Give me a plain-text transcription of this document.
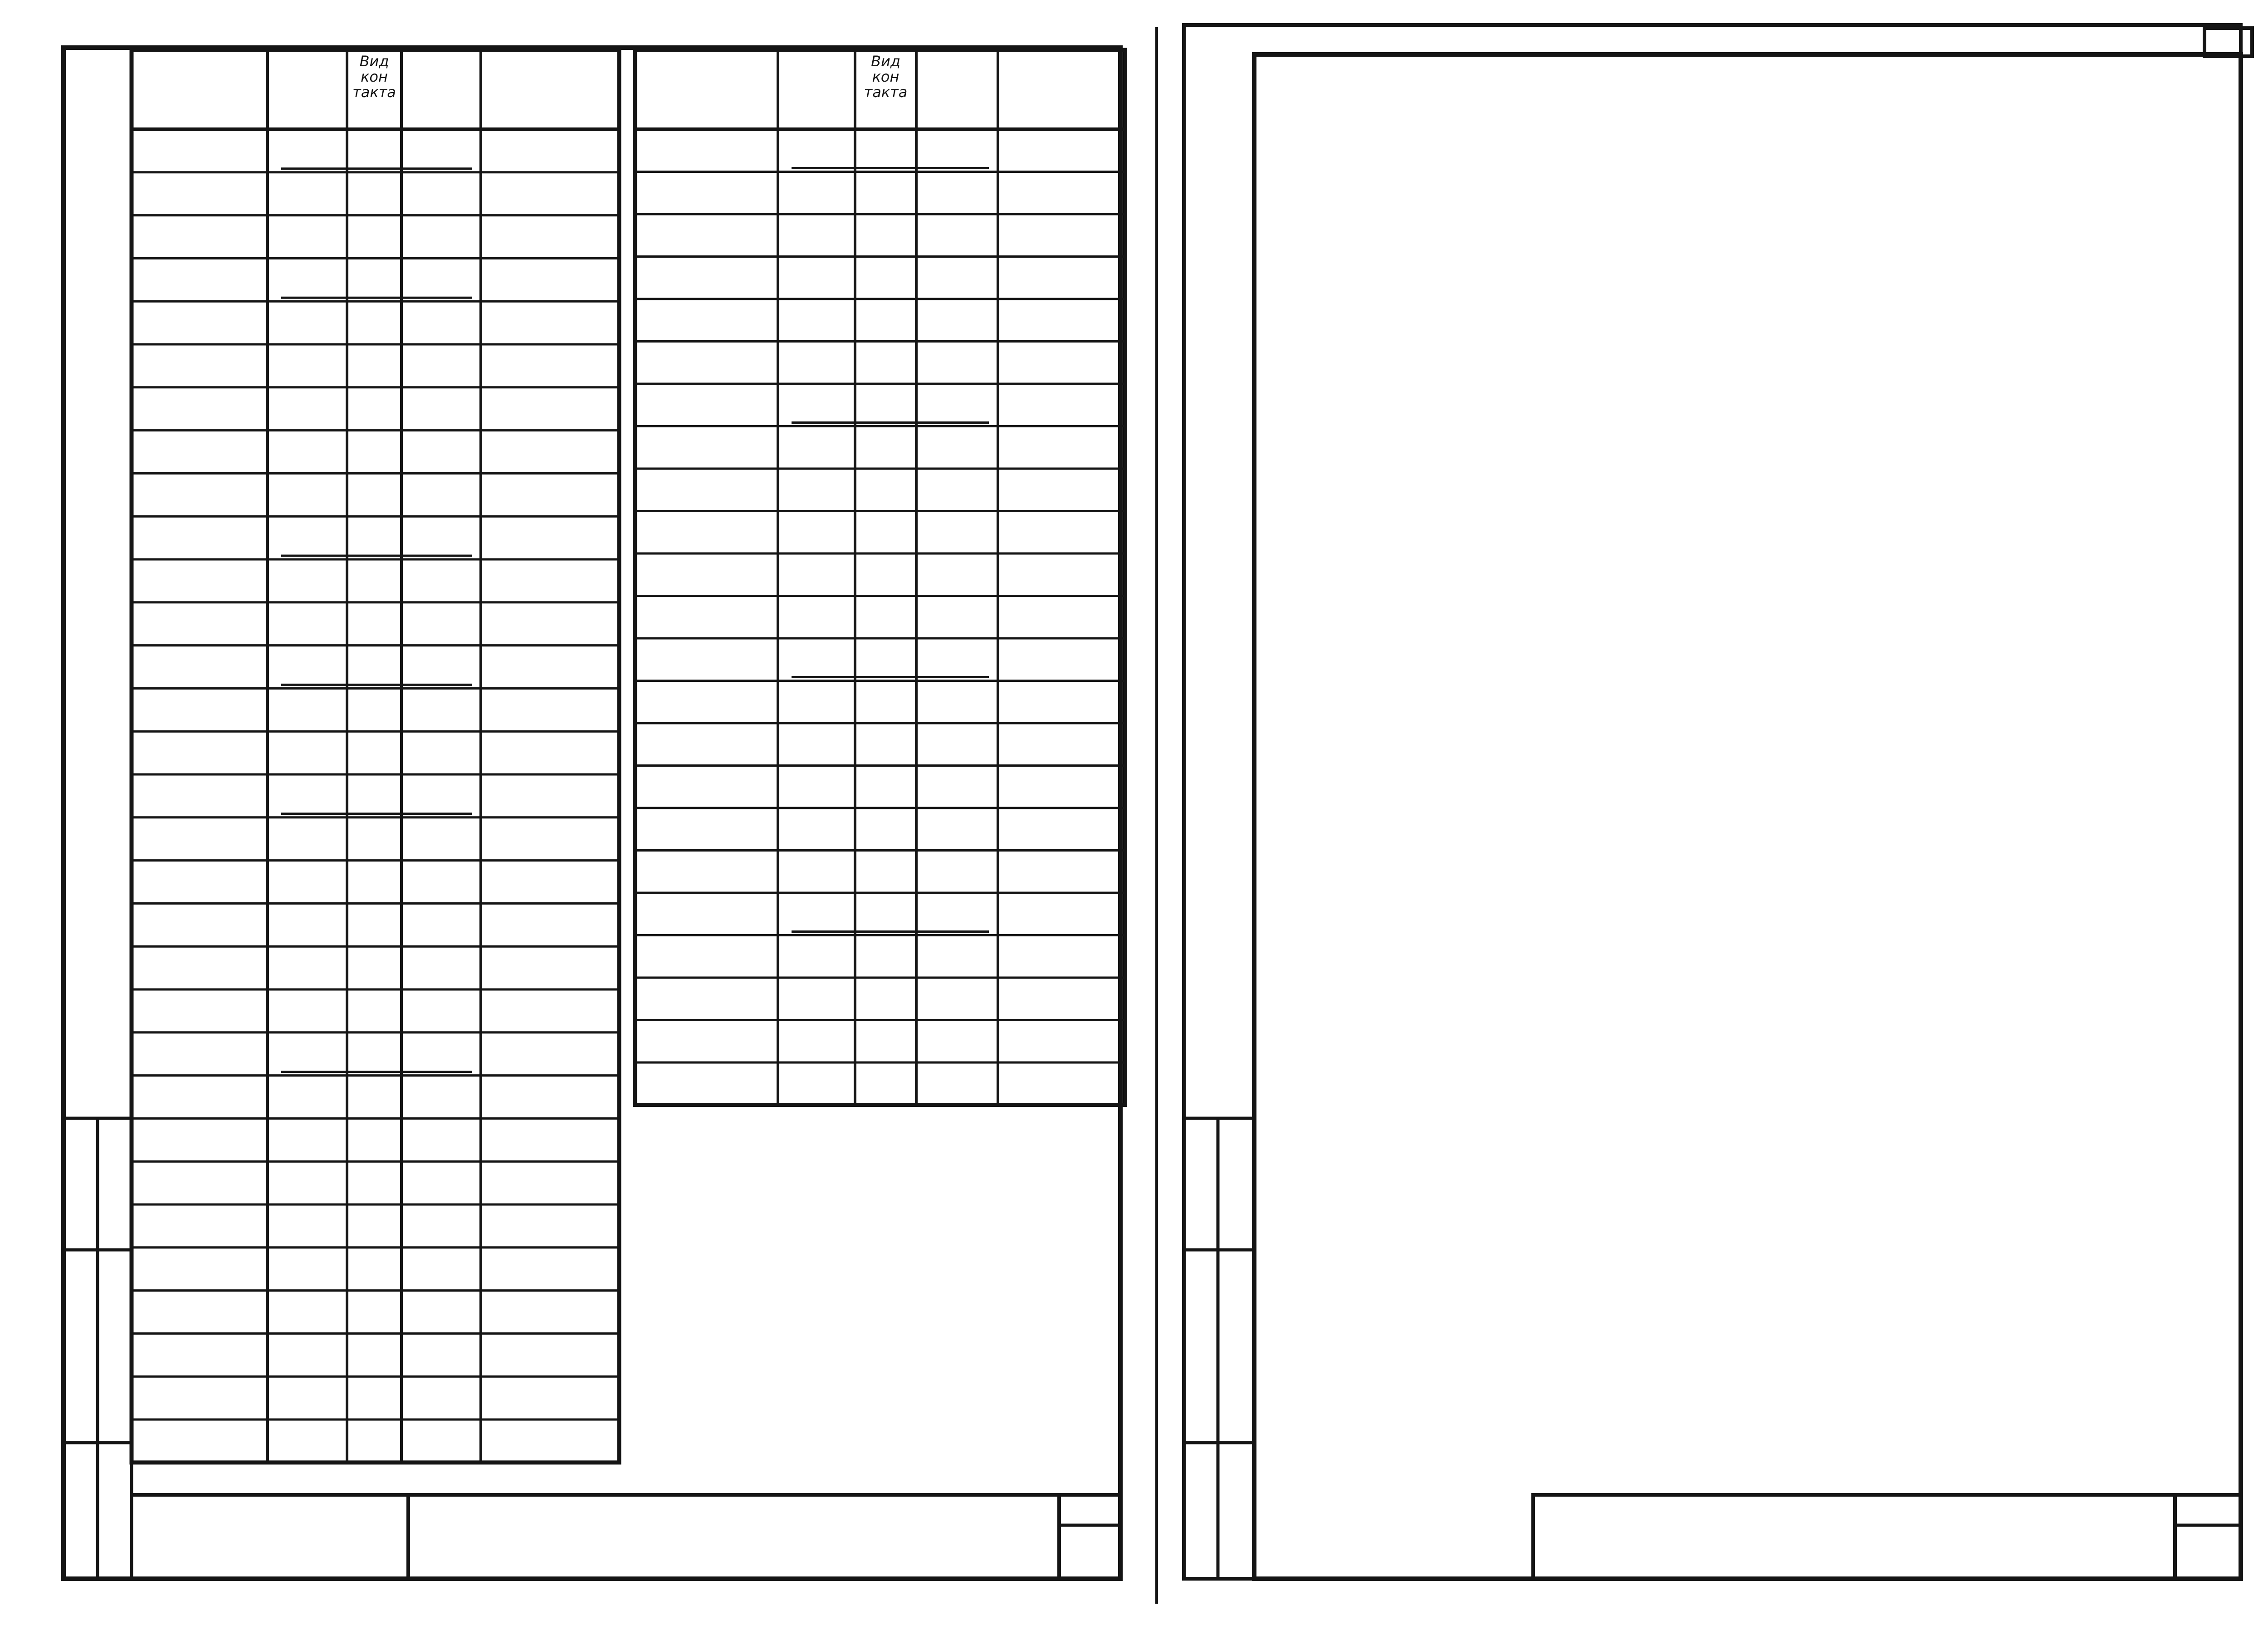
Вид кон такта
Вид кон такта
